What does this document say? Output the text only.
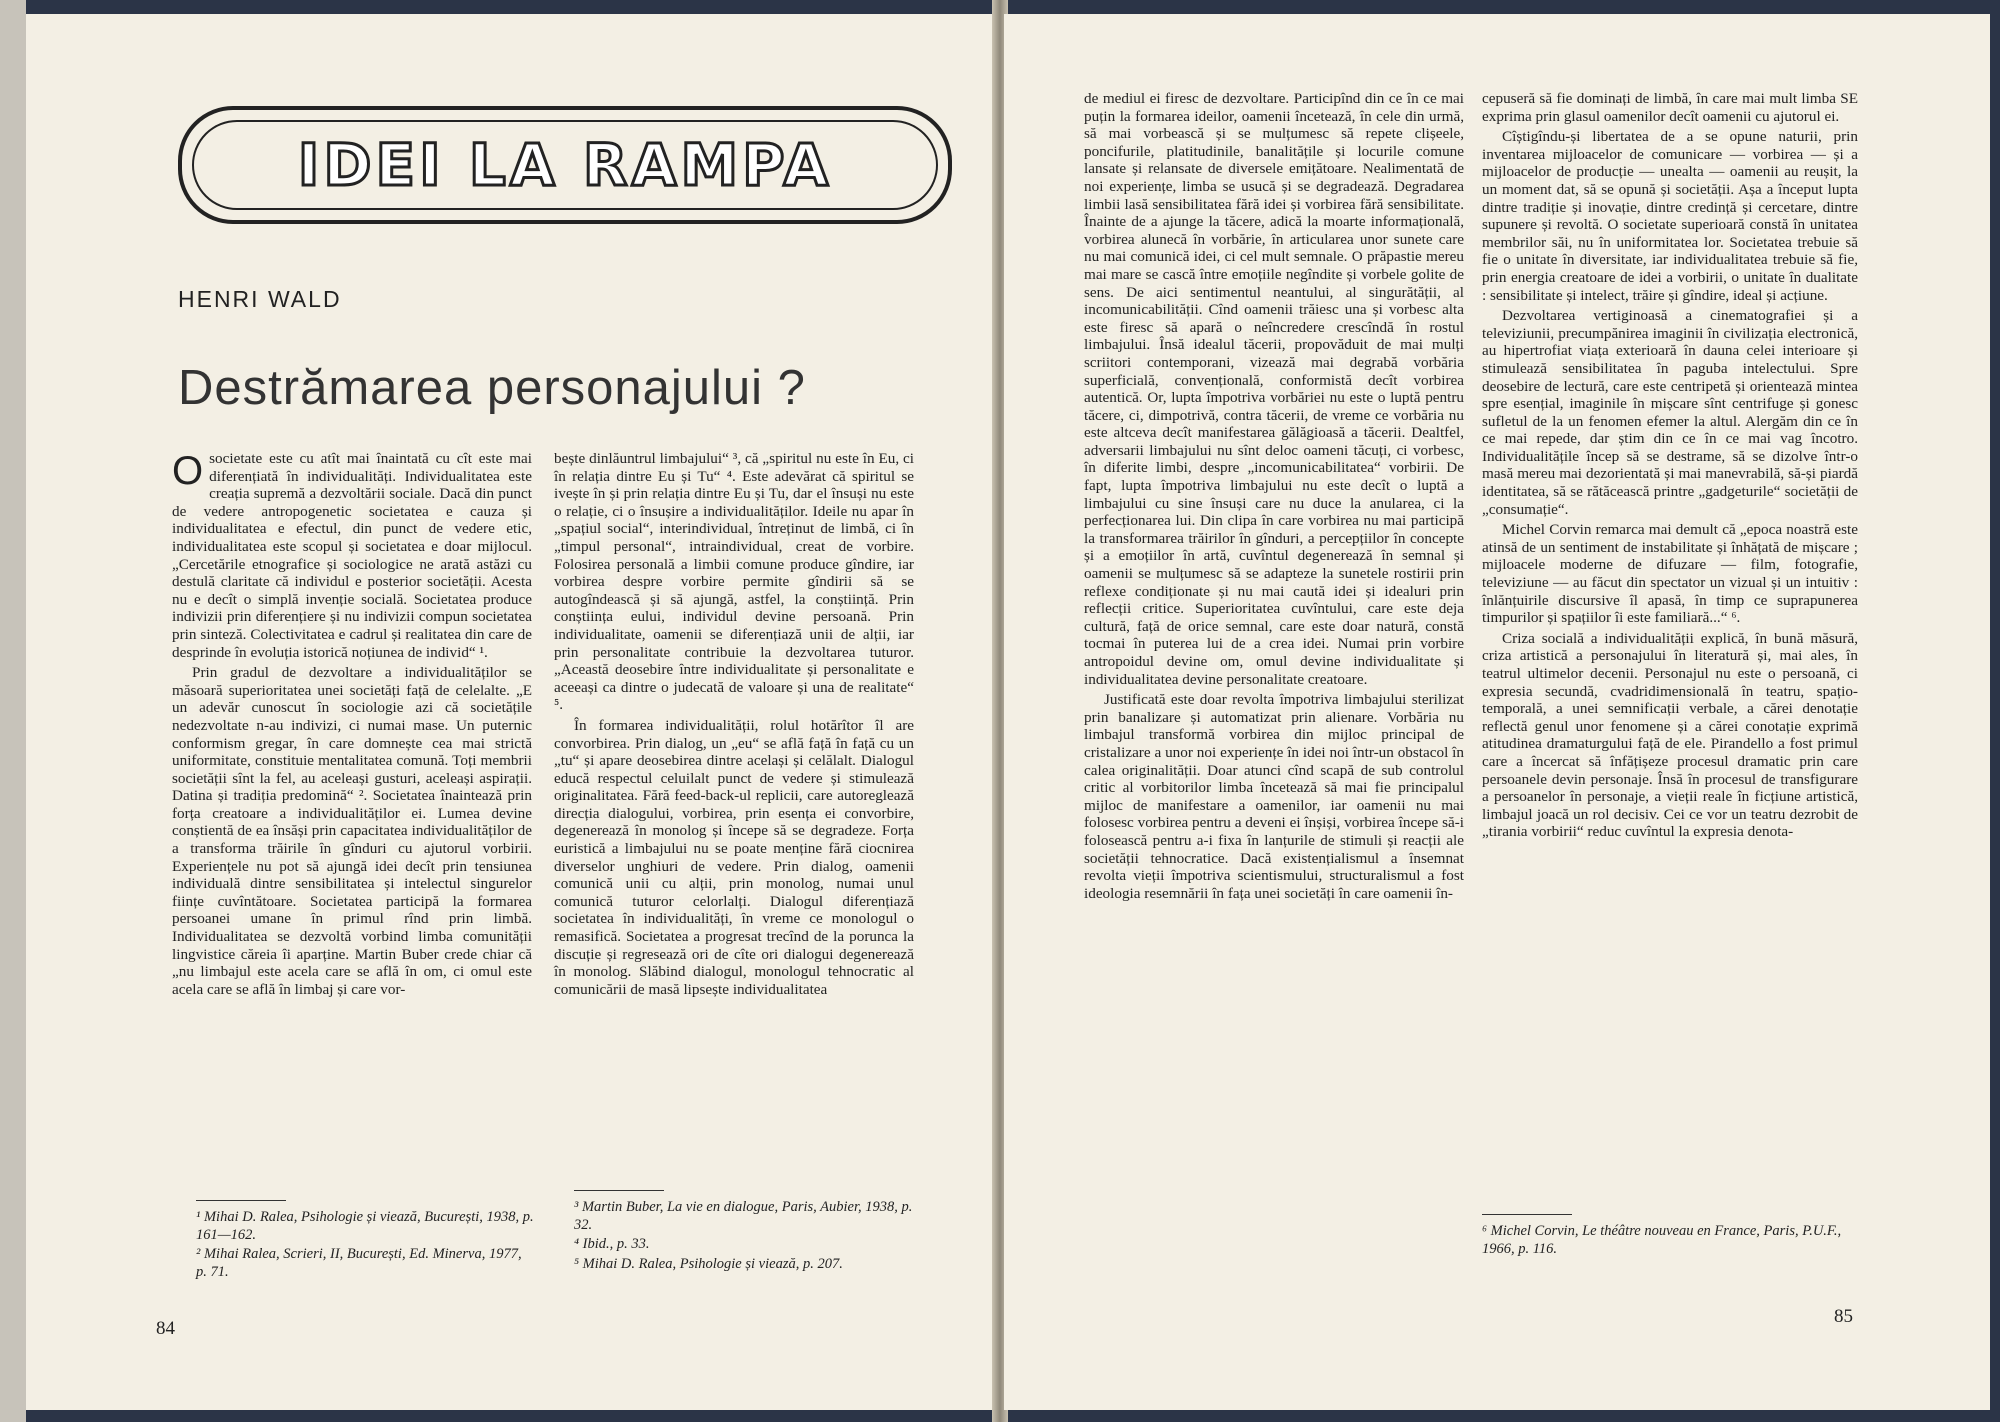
IDEI LA RAMPA
HENRI WALD
Destrămarea personajului ?

Osocietate este cu atît mai înaintată cu cît este mai diferențiată în individualități. Individualitatea este creația supremă a dezvoltării sociale. Dacă din punct de vedere antropogenetic societatea e cauza și individualitatea e efectul, din punct de vedere etic, individualitatea este scopul și societatea e doar mijlocul. „Cercetările etnografice și sociologice ne arată astăzi cu destulă claritate că individul e posterior societății. Acesta nu e decît o simplă invenție socială. Societatea produce indivizii prin diferențiere și nu indivizii compun societatea prin sinteză. Colectivitatea e cadrul și realitatea din care de desprinde în evoluția istorică noțiunea de individ“ ¹.

Prin gradul de dezvoltare a individualităților se măsoară superioritatea unei societăți față de celelalte. „E un adevăr cunoscut în sociologie azi că societățile nedezvoltate n-au indivizi, ci numai mase. Un puternic conformism gregar, în care domnește cea mai strictă uniformitate, constituie mentalitatea comună. Toți membrii societății sînt la fel, au aceleași gusturi, aceleași aspirații. Datina și tradiția predomină“ ². Societatea înaintează prin forța creatoare a individualităților ei. Lumea devine conștientă de ea însăși prin capacitatea individualităților de a transforma trăirile în gînduri cu ajutorul vorbirii. Experiențele nu pot să ajungă idei decît prin tensiunea individuală dintre sensibilitatea și intelectul singurelor ființe cuvîntătoare. Societatea participă la formarea persoanei umane în primul rînd prin limbă. Individualitatea se dezvoltă vorbind limba comunității lingvistice căreia îi aparține. Martin Buber crede chiar că „nu limbajul este acela care se află în om, ci omul este acela care se află în limbaj și care vor-

bește dinlăuntrul limbajului“ ³, că „spiritul nu este în Eu, ci în relația dintre Eu și Tu“ ⁴. Este adevărat că spiritul se ivește în și prin relația dintre Eu și Tu, dar el însuși nu este o relație, ci o însușire a individualităților. Ideile nu apar în „spațiul social“, interindividual, întreținut de limbă, ci în „timpul personal“, intraindividual, creat de vorbire. Folosirea personală a limbii comune produce gîndire, iar vorbirea despre vorbire permite gîndirii să se autogîndească și să ajungă, astfel, la conștiință. Prin conștiința eului, individul devine persoană. Prin individualitate, oamenii se diferențiază unii de alții, iar prin personalitate contribuie la dezvoltarea tuturor. „Această deosebire între individualitate și personalitate e aceeași ca dintre o judecată de valoare și una de realitate“ ⁵.

În formarea individualității, rolul hotărîtor îl are convorbirea. Prin dialog, un „eu“ se află față în față cu un „tu“ și apare deosebirea dintre același și celălalt. Dialogul educă respectul celuilalt punct de vedere și stimulează originalitatea. Fără feed-back-ul replicii, care autoreglează direcția dialogului, vorbirea, prin esența ei convorbire, degenerează în monolog și începe să se degradeze. Forța euristică a limbajului nu se poate menține fără ciocnirea diverselor unghiuri de vedere. Prin dialog, oamenii comunică unii cu alții, prin monolog, numai unul comunică tuturor celorlalți. Dialogul diferențiază societatea în individualități, în vreme ce monologul o remasifică. Societatea a progresat trecînd de la porunca la discuție și regresează ori de cîte ori dialogui degenerează în monolog. Slăbind dialogul, monologul tehnocratic al comunicării de masă lipsește individualitatea

¹ Mihai D. Ralea, Psihologie și viează, București, 1938, p. 161—162.
² Mihai Ralea, Scrieri, II, București, Ed. Minerva, 1977, p. 71.
³ Martin Buber, La vie en dialogue, Paris, Aubier, 1938, p. 32.
⁴ Ibid., p. 33.
⁵ Mihai D. Ralea, Psihologie și viează, p. 207.
84

de mediul ei firesc de dezvoltare. Participînd din ce în ce mai puțin la formarea ideilor, oamenii încetează, în cele din urmă, să mai vorbească și se mulțumesc să repete clișeele, poncifurile, platitudinile, banalitățile și locurile comune lansate și relansate de diversele emițătoare. Nealimentată de noi experiențe, limba se usucă și se degradează. Degradarea limbii lasă sensibilitatea fără idei și vorbirea fără sensibilitate. Înainte de a ajunge la tăcere, adică la moarte informațională, vorbirea alunecă în vorbărie, în articularea unor sunete care nu mai comunică idei, ci cel mult semnale. O prăpastie mereu mai mare se cască între emoțiile negîndite și vorbele golite de sens. De aici sentimentul neantului, al singurătății, al incomunicabilității. Cînd oamenii trăiesc una și vorbesc alta este firesc să apară o neîncredere crescîndă în rostul limbajului. Însă idealul tăcerii, propovăduit de mai mulți scriitori contemporani, vizează mai degrabă vorbăria superficială, convențională, conformistă decît vorbirea autentică. Or, lupta împotriva vorbăriei nu este o luptă pentru tăcere, ci, dimpotrivă, contra tăcerii, de vreme ce vorbăria nu este altceva decît manifestarea gălăgioasă a tăcerii. Dealtfel, adversarii limbajului nu sînt deloc oameni tăcuți, ci vorbesc, în diferite limbi, despre „incomunicabilitatea“ vorbirii. De fapt, lupta împotriva limbajului nu este decît o luptă a limbajului cu sine însuși care nu duce la anularea, ci la perfecționarea lui. Din clipa în care vorbirea nu mai participă la transformarea trăirilor în gînduri, a percepțiilor în concepte și a emoțiilor în artă, cuvîntul degenerează în semnal și oamenii se mulțumesc să se adapteze la sunetele rostirii prin reflexe condiționate și nu mai caută idei și idealuri prin reflecții critice. Superioritatea cuvîntului, care este deja cultură, față de orice semnal, care este doar natură, constă tocmai în puterea lui de a crea idei. Numai prin vorbire antropoidul devine om, omul devine individualitate și individualitatea devine personalitate creatoare.

Justificată este doar revolta împotriva limbajului sterilizat prin banalizare și automatizat prin alienare. Vorbăria nu limbajul transformă vorbirea din mijloc principal de cristalizare a unor noi experiențe în idei noi într-un obstacol în calea originalității. Doar atunci cînd scapă de sub controlul critic al vorbitorilor limba încetează să mai fie principalul mijloc de manifestare a oamenilor, iar oamenii nu mai folosesc vorbirea pentru a deveni ei înșiși, vorbirea începe să-i folosească pentru a-i fixa în lanțurile de stimuli și reacții ale societății tehnocratice. Dacă existențialismul a însemnat revolta vieții împotriva scientismului, structuralismul a fost ideologia resemnării în fața unei societăți în care oamenii în-

cepuseră să fie dominați de limbă, în care mai mult limba SE exprima prin glasul oamenilor decît oamenii cu ajutorul ei.

Cîștigîndu-și libertatea de a se opune naturii, prin inventarea mijloacelor de comunicare — vorbirea — și a mijloacelor de producție — unealta — oamenii au reușit, la un moment dat, să se opună și societății. Așa a început lupta dintre tradiție și inovație, dintre credință și cercetare, dintre supunere și revoltă. O societate superioară constă în unitatea membrilor săi, nu în uniformitatea lor. Societatea trebuie să fie o unitate în diversitate, iar individualitatea trebuie să fie, prin energia creatoare de idei a vorbirii, o unitate în dualitate : sensibilitate și intelect, trăire și gîndire, ideal și acțiune.

Dezvoltarea vertiginoasă a cinematografiei și a televiziunii, precumpănirea imaginii în civilizația electronică, au hipertrofiat viața exterioară în dauna celei interioare și stimulează sensibilitatea în paguba intelectului. Spre deosebire de lectură, care este centripetă și orientează mintea spre esențial, imaginile în mișcare sînt centrifuge și gonesc sufletul de la un fenomen efemer la altul. Alergăm din ce în ce mai repede, dar știm din ce în ce mai vag încotro. Individualitățile încep să se destrame, să se dizolve într-o masă mereu mai dezorientată și mai manevrabilă, să-și piardă identitatea, să se rătăcească printre „gadgeturile“ societății de „consumație“.

Michel Corvin remarca mai demult că „epoca noastră este atinsă de un sentiment de instabilitate și înhățată de mișcare ; mijloacele moderne de difuzare — film, fotografie, televiziune — au făcut din spectator un vizual și un intuitiv : înlănțuirile discursive îl apasă, în timp ce suprapunerea timpurilor și spațiilor îi este familiară...“ ⁶.

Criza socială a individualității explică, în bună măsură, criza artistică a personajului în literatură și, mai ales, în teatrul ultimelor decenii. Personajul nu este o persoană, ci expresia secundă, cvadridimensională în teatru, spațio-temporală, a unei semnificații verbale, a cărei denotație reflectă genul unor fenomene și a cărei conotație exprimă atitudinea dramaturgului față de ele. Pirandello a fost primul care a încercat să înfățișeze procesul dramatic prin care persoanele devin personaje. Însă în procesul de transfigurare a persoanelor în personaje, a vieții reale în ficțiune artistică, limbajul joacă un rol decisiv. Cei ce vor un teatru dezrobit de „tirania vorbirii“ reduc cuvîntul la expresia denota-

⁶ Michel Corvin, Le théâtre nouveau en France, Paris, P.U.F., 1966, p. 116.
85
